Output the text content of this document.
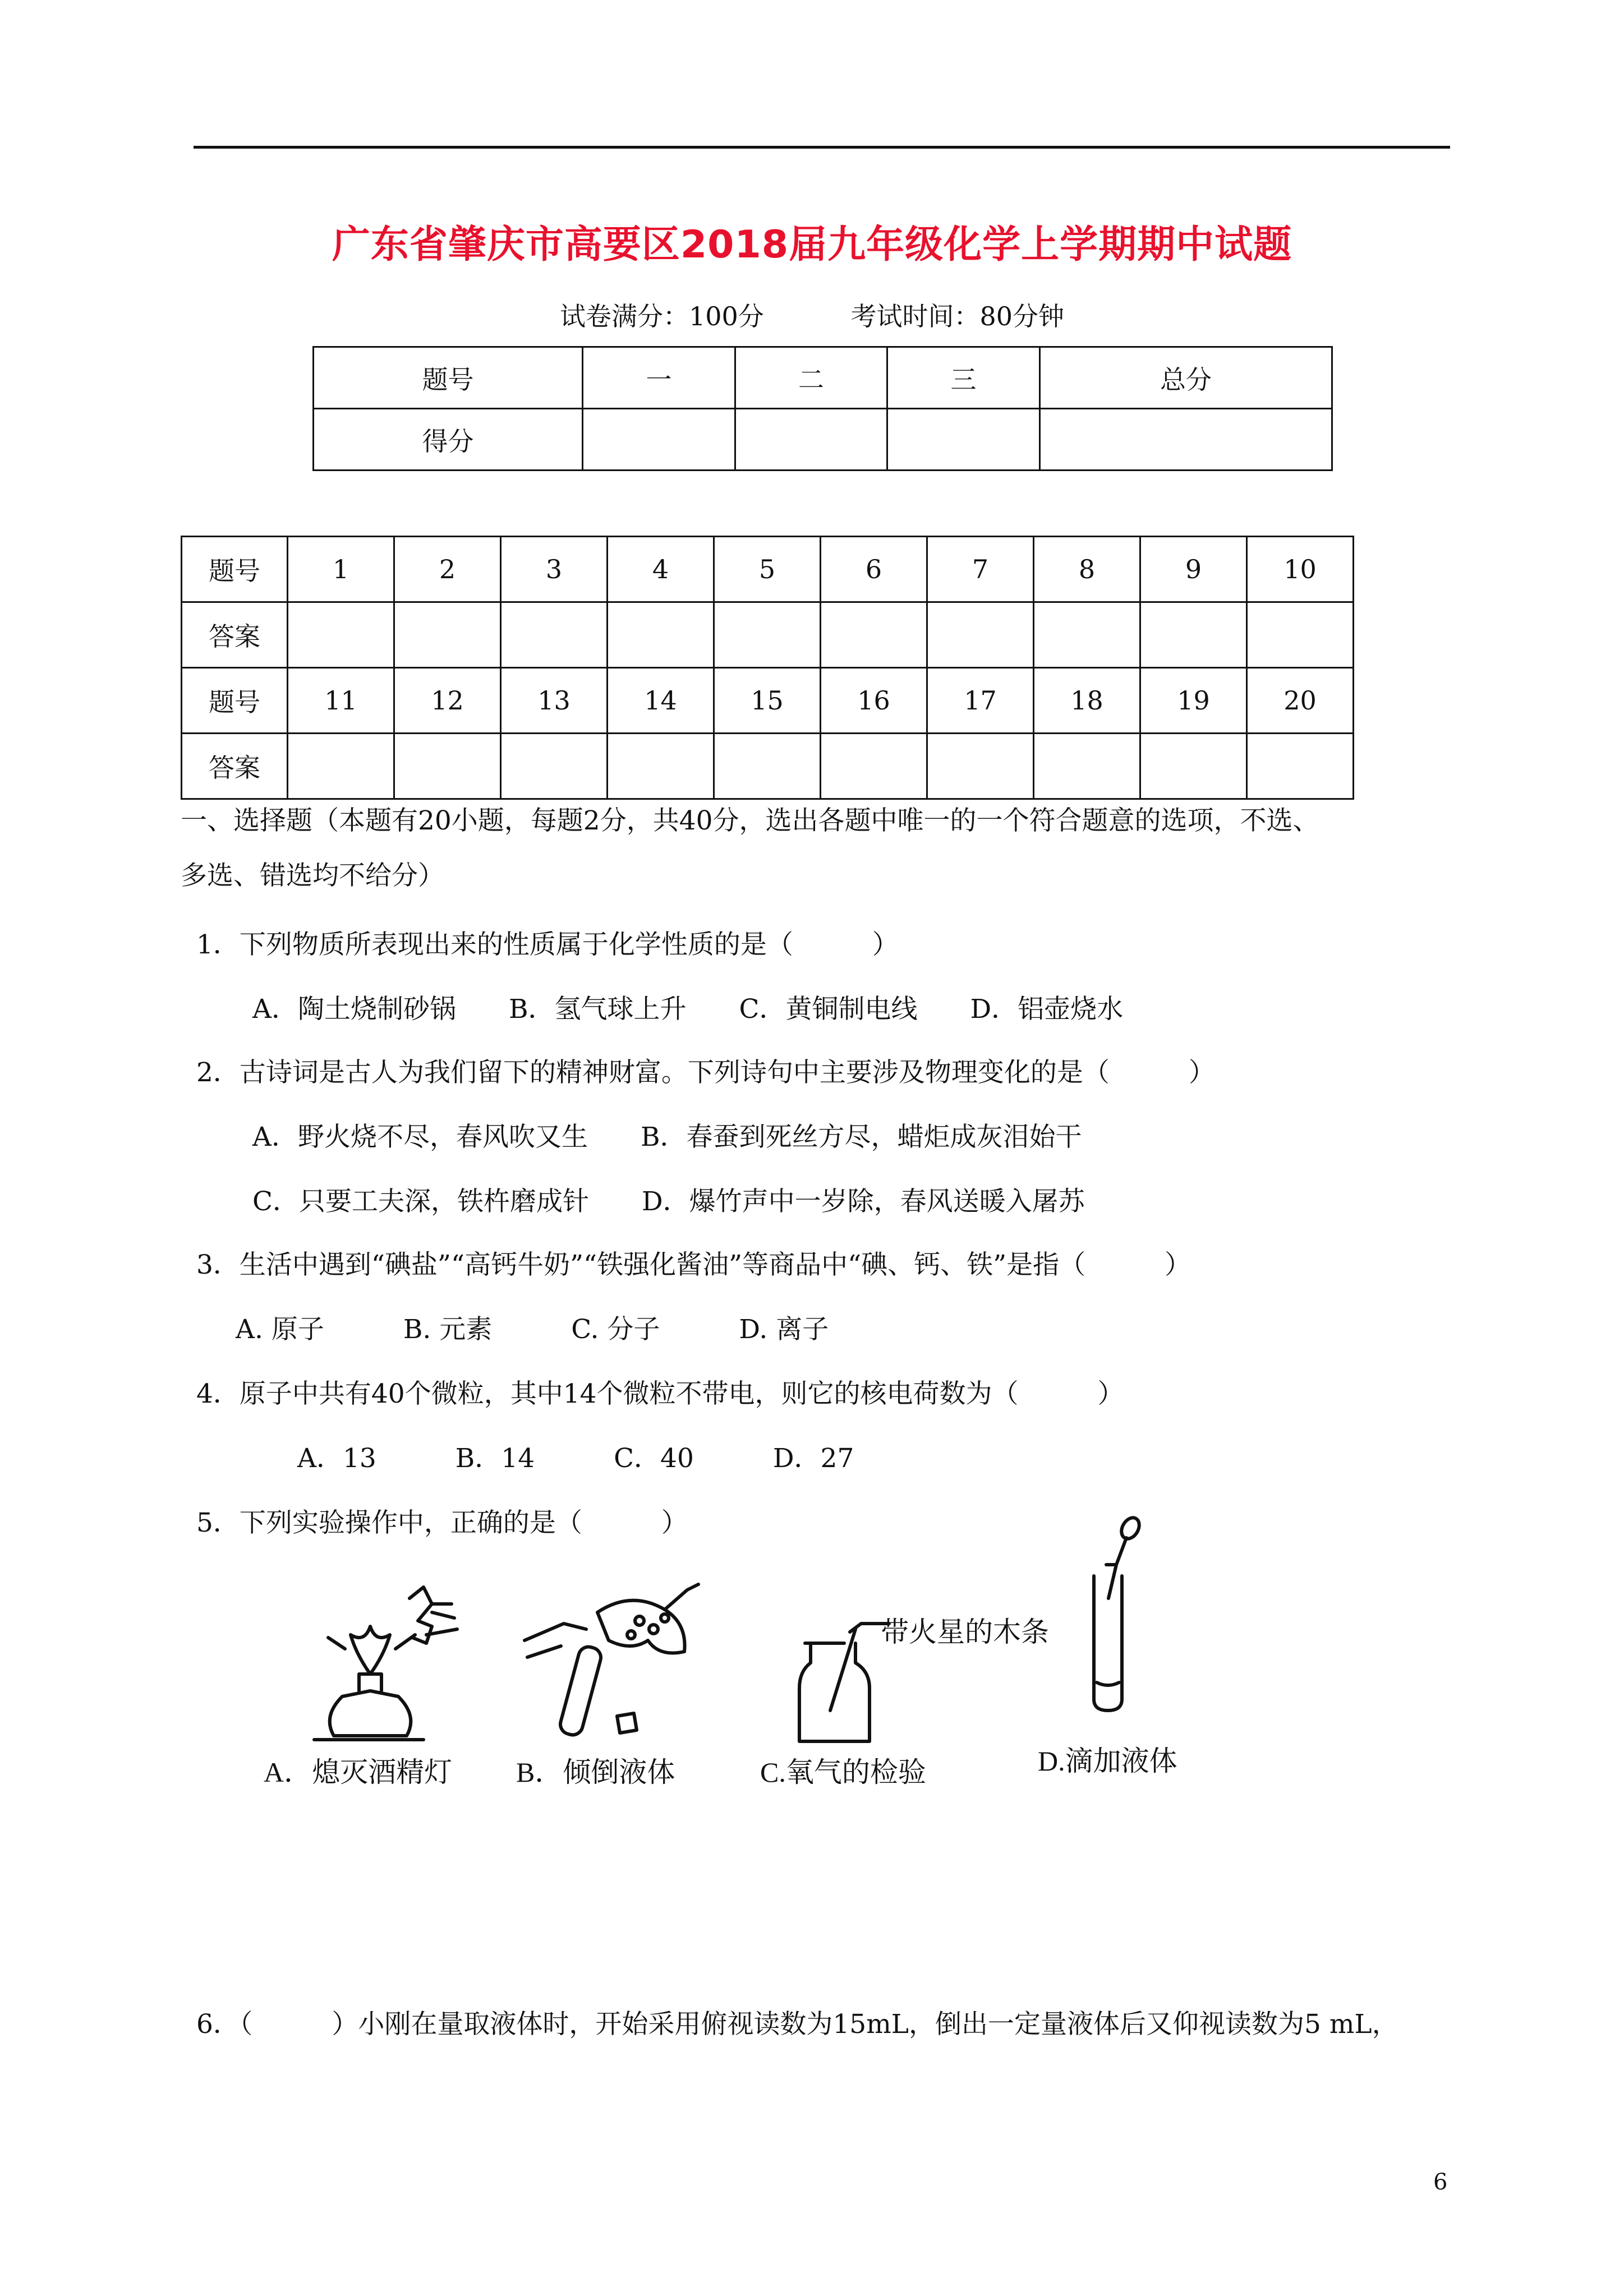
广东省肇庆市高要区2018届九年级化学上学期期中试题
试卷满分：100分	考试时间：80分钟
题号	一	二	三	总分
得分				
题号	1	2	3	4	5	6	7	8	9	10
答案										
题号	11	12	13	14	15	16	17	18	19	20
答案										
一、选择题（本题有20小题，每题2分，共40分，选出各题中唯一的一个符合题意的选项，不选、
多选、错选均不给分）
1．下列物质所表现出来的性质属于化学性质的是（　　　）
A．陶土烧制砂锅　　B．氢气球上升　　C．黄铜制电线　　D．铝壶烧水
2．古诗词是古人为我们留下的精神财富。下列诗句中主要涉及物理变化的是（　　　）
A．野火烧不尽，春风吹又生　　B．春蚕到死丝方尽，蜡炬成灰泪始干
C．只要工夫深，铁杵磨成针　　D．爆竹声中一岁除，春风送暖入屠苏
3．生活中遇到“碘盐”“高钙牛奶”“铁强化酱油”等商品中“碘、钙、铁”是指（　　　）
A. 原子　　　B. 元素　　　C. 分子　　　D. 离子
4．原子中共有40个微粒，其中14个微粒不带电，则它的核电荷数为（　　　）
A．13　　　B．14　　　C．40　　　D．27
5．下列实验操作中，正确的是（　　　）
A．熄灭酒精灯 B．倾倒液体
带火星的木条
C.氧气的检验	D.滴加液体
6．（　　　）小刚在量取液体时，开始采用俯视读数为15mL，倒出一定量液体后又仰视读数为5 mL，
6
